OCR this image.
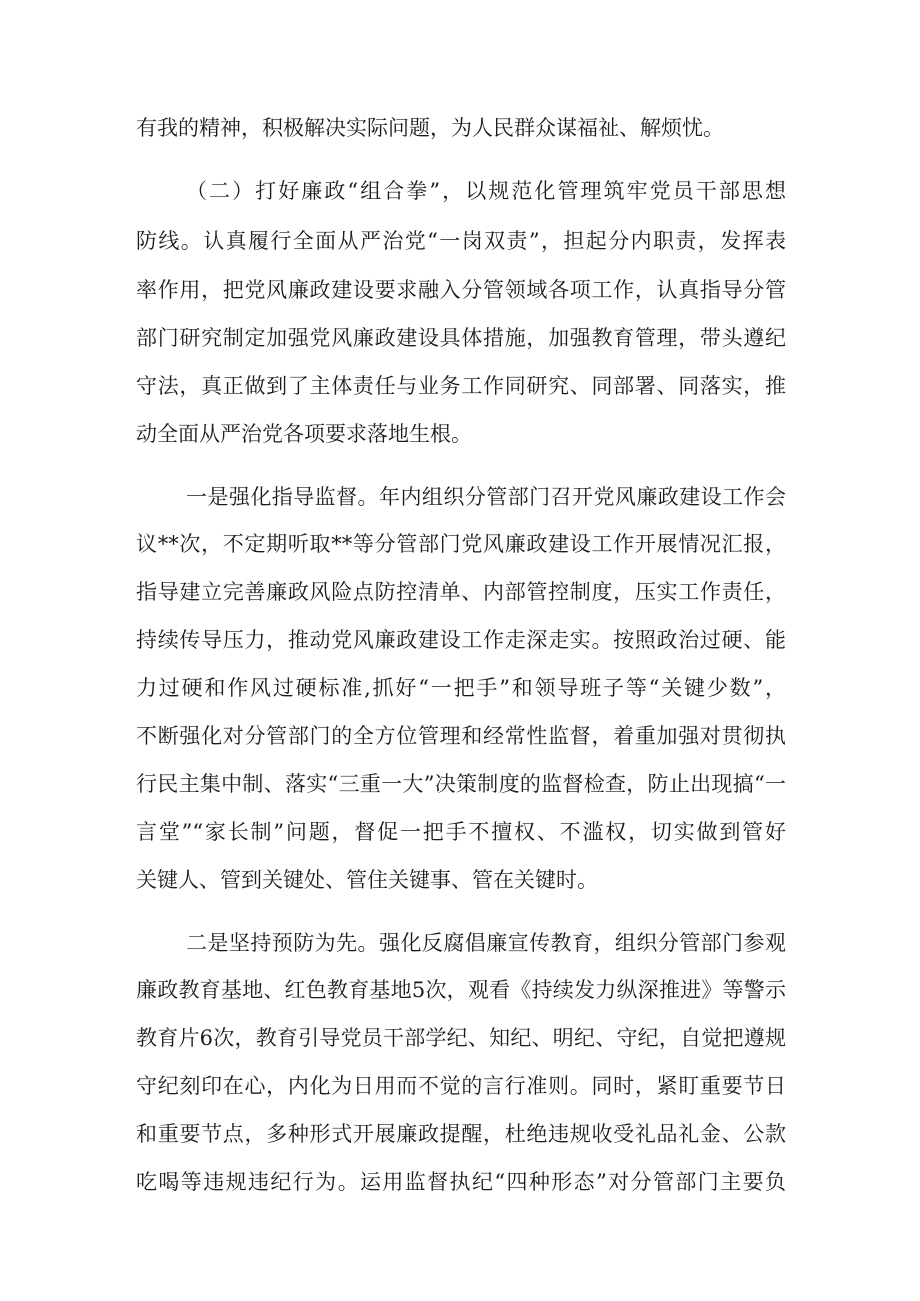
有我的精神，积极解决实际问题，为人民群众谋福祉、解烦忧。
（二）打好廉政“组合拳”，以规范化管理筑牢党员干部思想
防线。认真履行全面从严治党“一岗双责”，担起分内职责，发挥表
率作用，把党风廉政建设要求融入分管领域各项工作，认真指导分管
部门研究制定加强党风廉政建设具体措施，加强教育管理，带头遵纪
守法，真正做到了主体责任与业务工作同研究、同部署、同落实，推
动全面从严治党各项要求落地生根。
一是强化指导监督。年内组织分管部门召开党风廉政建设工作会
议**次，不定期听取**等分管部门党风廉政建设工作开展情况汇报，
指导建立完善廉政风险点防控清单、内部管控制度，压实工作责任，
持续传导压力，推动党风廉政建设工作走深走实。按照政治过硬、能
力过硬和作风过硬标准,抓好“一把手”和领导班子等“关键少数”，
不断强化对分管部门的全方位管理和经常性监督，着重加强对贯彻执
行民主集中制、落实“三重一大”决策制度的监督检查，防止出现搞“一
言堂”“家长制”问题，督促一把手不擅权、不滥权，切实做到管好
关键人、管到关键处、管住关键事、管在关键时。
二是坚持预防为先。强化反腐倡廉宣传教育，组织分管部门参观
廉政教育基地、红色教育基地5次，观看《持续发力纵深推进》等警示
教育片6次，教育引导党员干部学纪、知纪、明纪、守纪，自觉把遵规
守纪刻印在心，内化为日用而不觉的言行准则。同时，紧盯重要节日
和重要节点，多种形式开展廉政提醒，杜绝违规收受礼品礼金、公款
吃喝等违规违纪行为。运用监督执纪“四种形态”对分管部门主要负
